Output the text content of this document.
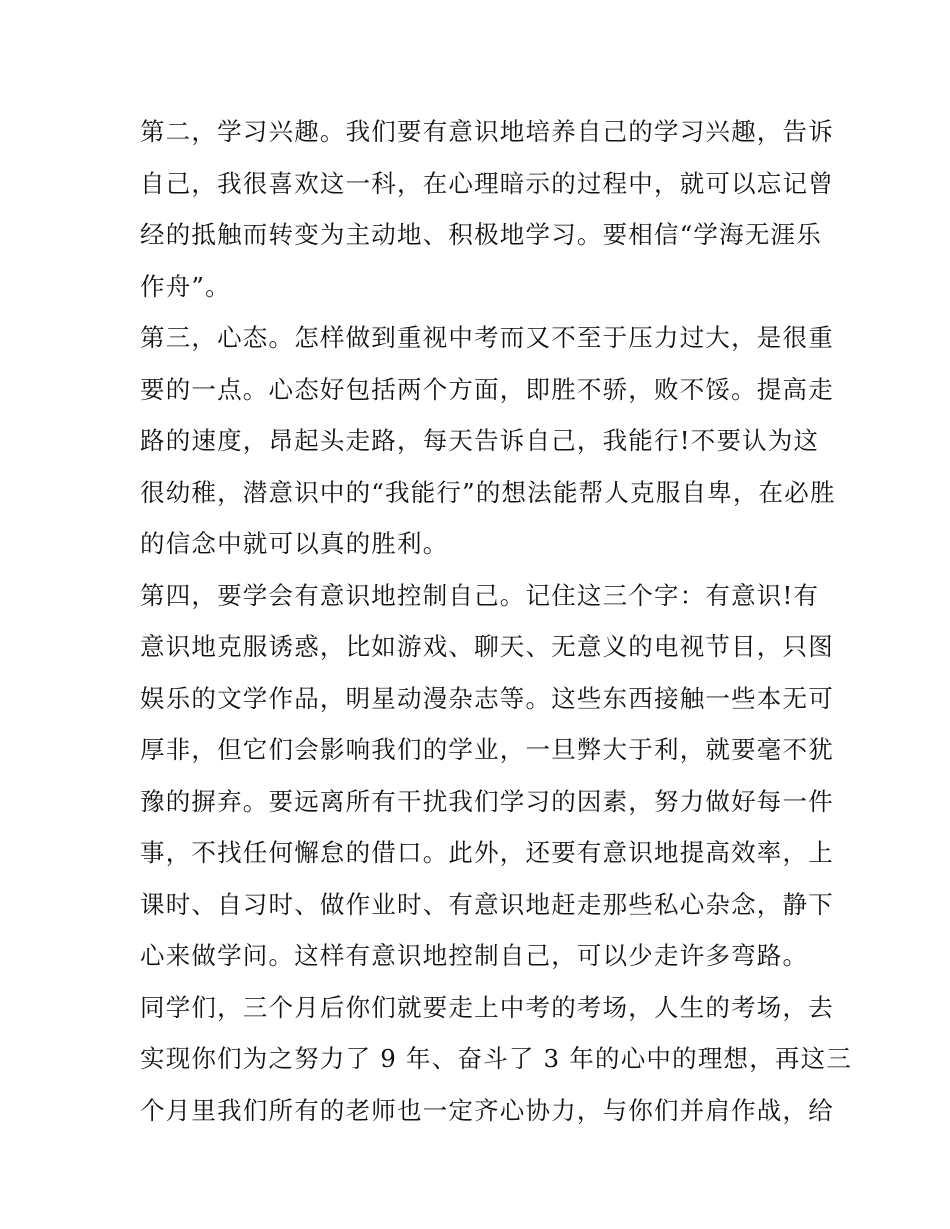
第二，学习兴趣。我们要有意识地培养自己的学习兴趣，告诉
自己，我很喜欢这一科，在心理暗示的过程中，就可以忘记曾
经的抵触而转变为主动地、积极地学习。要相信“学海无涯乐
作舟”。
第三，心态。怎样做到重视中考而又不至于压力过大，是很重
要的一点。心态好包括两个方面，即胜不骄，败不馁。提高走
路的速度，昂起头走路，每天告诉自己，我能行!不要认为这
很幼稚，潜意识中的“我能行”的想法能帮人克服自卑，在必胜
的信念中就可以真的胜利。
第四，要学会有意识地控制自己。记住这三个字：有意识!有
意识地克服诱惑，比如游戏、聊天、无意义的电视节目，只图
娱乐的文学作品，明星动漫杂志等。这些东西接触一些本无可
厚非，但它们会影响我们的学业，一旦弊大于利，就要毫不犹
豫的摒弃。要远离所有干扰我们学习的因素，努力做好每一件
事，不找任何懈怠的借口。此外，还要有意识地提高效率，上
课时、自习时、做作业时、有意识地赶走那些私心杂念，静下
心来做学问。这样有意识地控制自己，可以少走许多弯路。
同学们，三个月后你们就要走上中考的考场，人生的考场，去
实现你们为之努力了 9 年、奋斗了 3 年的心中的理想，再这三
个月里我们所有的老师也一定齐心协力，与你们并肩作战，给
